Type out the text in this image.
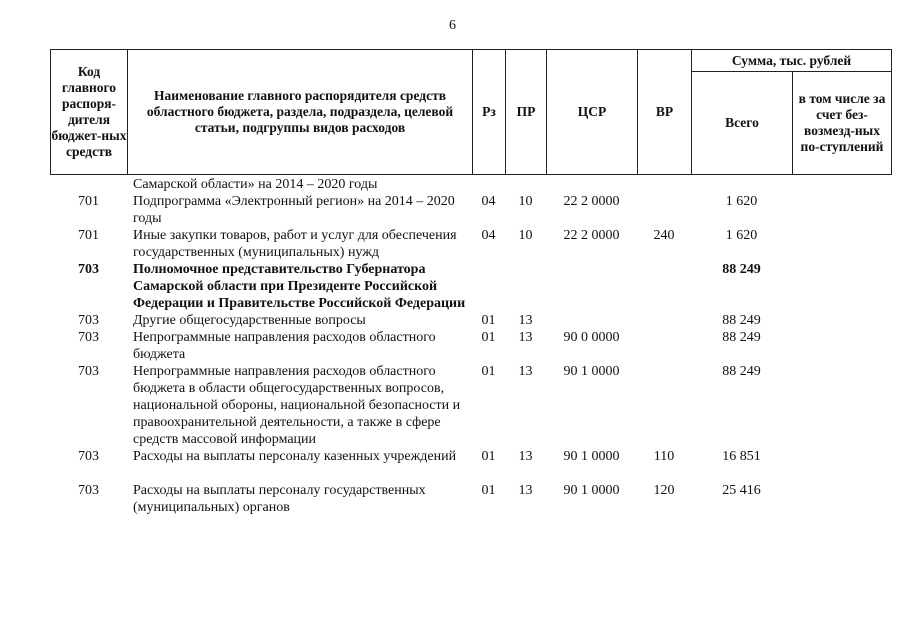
6
Код главного распоря-дителя бюджет-ных средств	Наименование главного распорядителя средств областного бюджета, раздела, подраздела, целевой статьи, подгруппы видов расходов	Рз	ПР	ЦСР	ВР	Сумма, тыс. рублей	
						Всего	в том числе за счет без-возмезд-ных по-ступлений
	Самарской области» на 2014 – 2020 годы						
701	Подпрограмма «Электронный регион» на 2014 – 2020 годы	04	10	22 2 0000		1 620	
701	Иные закупки товаров, работ и услуг для обеспечения государственных (муниципальных) нужд	04	10	22 2 0000	240	1 620	
703	Полномочное представительство Губернатора Самарской области при Президенте Российской Федерации и Правительстве Российской Федерации					88 249	
703	Другие общегосударственные вопросы	01	13			88 249	
703	Непрограммные направления расходов областного бюджета	01	13	90 0 0000		88 249	
703	Непрограммные направления расходов областного бюджета в области общегосударственных вопросов, национальной обороны, национальной безопасности и правоохранительной деятельности, а также в сфере средств массовой информации	01	13	90 1 0000		88 249	
703	Расходы на выплаты персоналу казенных учреждений	01	13	90 1 0000	110	16 851	
703	Расходы на выплаты персоналу государственных (муниципальных) органов	01	13	90 1 0000	120	25 416	
